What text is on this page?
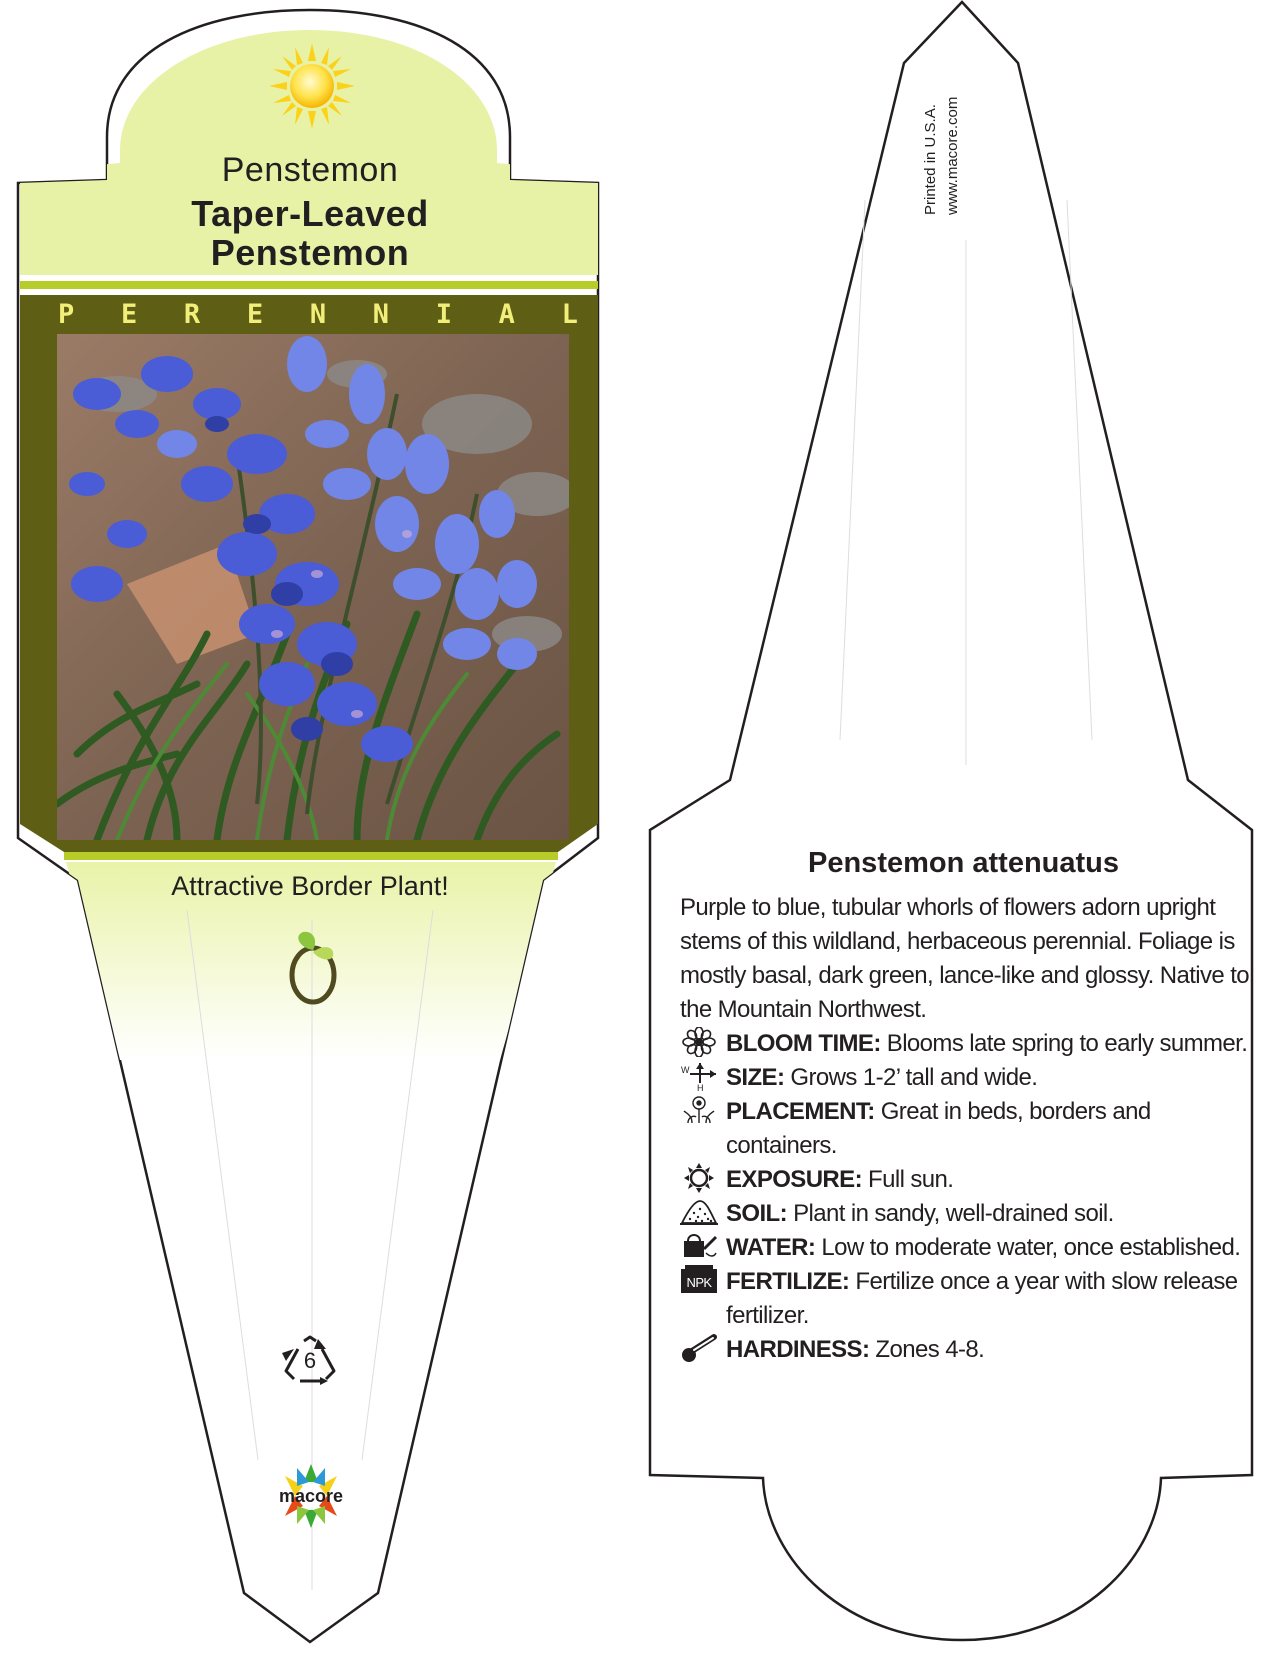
Penstemon
Taper-Leaved
Penstemon
P E R E N N I A L
Attractive Border Plant!
6
macore
Printed in U.S.A. www.macore.com
Penstemon attenuatus
Purple to blue, tubular whorls of flowers adorn upright stems of this wildland, herbaceous perennial. Foliage is mostly basal, dark green, lance-like and glossy. Native to the Mountain Northwest.
BLOOM TIME: Blooms late spring to early summer.
W
H SIZE: Grows 1-2’ tall and wide.
PLACEMENT: Great in beds, borders and containers.
EXPOSURE: Full sun.
SOIL: Plant in sandy, well-drained soil.
WATER: Low to moderate water, once established.
NPK FERTILIZE: Fertilize once a year with slow release fertilizer.
HARDINESS: Zones 4-8.
